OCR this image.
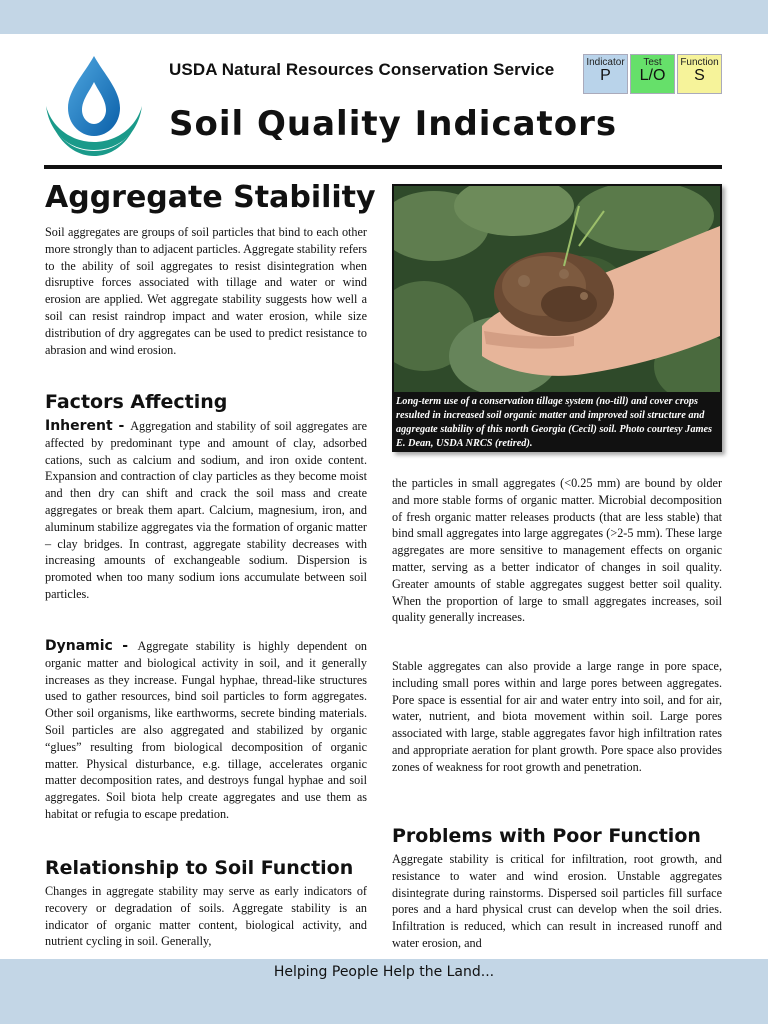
USDA Natural Resources Conservation Service
Soil Quality Indicators
Indicator
P
Test
L/O
Function
S
Aggregate Stability

Soil aggregates are groups of soil particles that bind to each other more strongly than to adjacent particles. Aggregate stability refers to the ability of soil aggregates to resist disintegration when disruptive forces associated with tillage and water or wind erosion are applied. Wet aggregate stability suggests how well a soil can resist raindrop impact and water erosion, while size distribution of dry aggregates can be used to predict resistance to abrasion and wind erosion.

Factors Affecting

Inherent - Aggregation and stability of soil aggregates are affected by predominant type and amount of clay, adsorbed cations, such as calcium and sodium, and iron oxide content. Expansion and contraction of clay particles as they become moist and then dry can shift and crack the soil mass and create aggregates or break them apart. Calcium, magnesium, iron, and aluminum stabilize aggregates via the formation of organic matter – clay bridges. In contrast, aggregate stability decreases with increasing amounts of exchangeable sodium. Dispersion is promoted when too many sodium ions accumulate between soil particles.

Dynamic - Aggregate stability is highly dependent on organic matter and biological activity in soil, and it generally increases as they increase. Fungal hyphae, thread-like structures used to gather resources, bind soil particles to form aggregates. Other soil organisms, like earthworms, secrete binding materials. Soil particles are also aggregated and stabilized by organic “glues” resulting from biological decomposition of organic matter. Physical disturbance, e.g. tillage, accelerates organic matter decomposition rates, and destroys fungal hyphae and soil aggregates. Soil biota help create aggregates and use them as habitat or refugia to escape predation.

Relationship to Soil Function

Changes in aggregate stability may serve as early indicators of recovery or degradation of soils. Aggregate stability is an indicator of organic matter content, biological activity, and nutrient cycling in soil. Generally,

Long-term use of a conservation tillage system (no-till) and cover crops resulted in increased soil organic matter and improved soil structure and aggregate stability of this north Georgia (Cecil) soil. Photo courtesy James E. Dean, USDA NRCS (retired).

the particles in small aggregates (<0.25 mm) are bound by older and more stable forms of organic matter. Microbial decomposition of fresh organic matter releases products (that are less stable) that bind small aggregates into large aggregates (>2-5 mm). These large aggregates are more sensitive to management effects on organic matter, serving as a better indicator of changes in soil quality. Greater amounts of stable aggregates suggest better soil quality. When the proportion of large to small aggregates increases, soil quality generally increases.

Stable aggregates can also provide a large range in pore space, including small pores within and large pores between aggregates. Pore space is essential for air and water entry into soil, and for air, water, nutrient, and biota movement within soil. Large pores associated with large, stable aggregates favor high infiltration rates and appropriate aeration for plant growth. Pore space also provides zones of weakness for root growth and penetration.

Problems with Poor Function

Aggregate stability is critical for infiltration, root growth, and resistance to water and wind erosion. Unstable aggregates disintegrate during rainstorms. Dispersed soil particles fill surface pores and a hard physical crust can develop when the soil dries. Infiltration is reduced, which can result in increased runoff and water erosion, and

Helping People Help the Land...
